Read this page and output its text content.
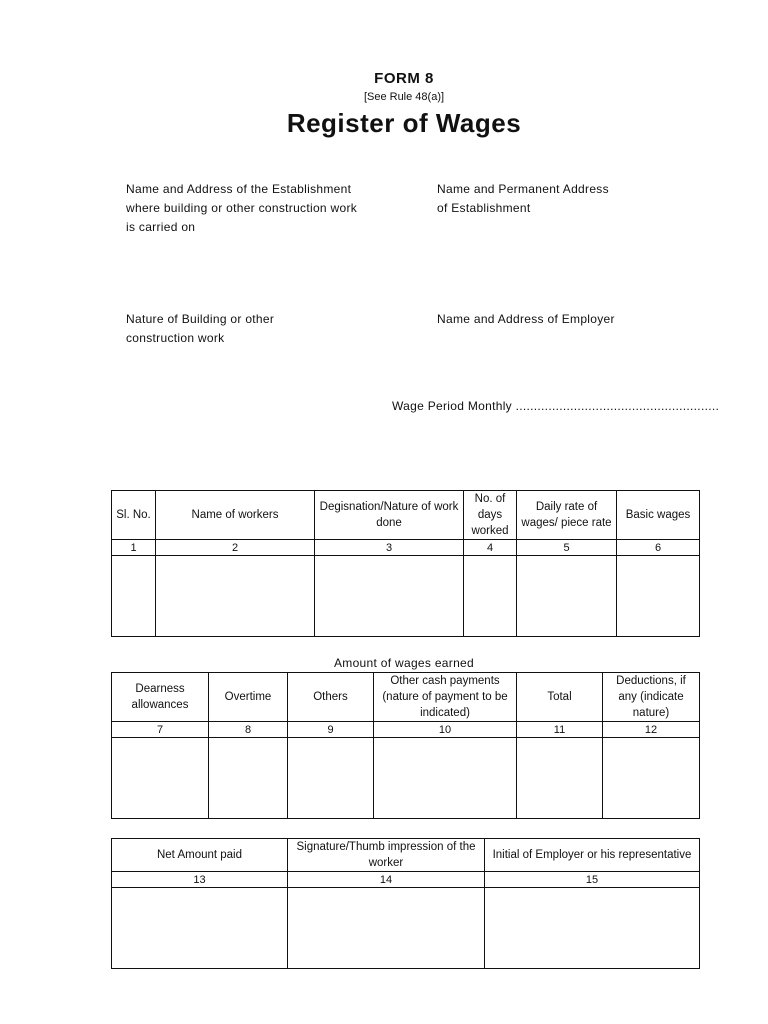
FORM 8
[See Rule 48(a)]
Register of Wages
Name and Address of the Establishment where building or other construction work is carried on
Name and Permanent Address of Establishment
Nature of Building or other construction work
Name and Address of Employer
Wage Period Monthly ........................................................
Sl. No.	Name of workers	Degisnation/Nature of work done	No. of days worked	Daily rate of wages/ piece rate	Basic wages
1	2	3	4	5	6

Amount of wages earned
Dearness allowances	Overtime	Others	Other cash payments (nature of payment to be indicated)	Total	Deductions, if any (indicate nature)
7	8	9	10	11	12

Net Amount paid	Signature/Thumb impression of the worker	Initial of Employer or his representative
13	14	15
